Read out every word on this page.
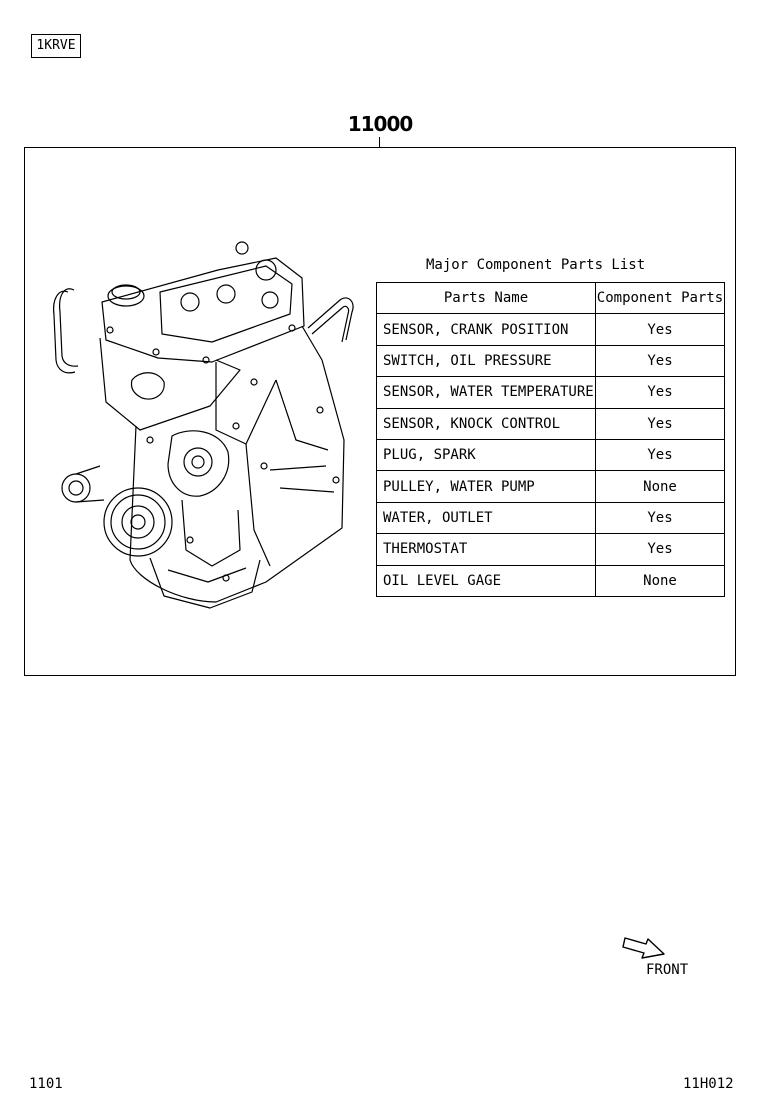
1KRVE
11000
Major Component Parts List
Parts Name	Component Parts
SENSOR, CRANK POSITION	Yes
SWITCH, OIL PRESSURE	Yes
SENSOR, WATER TEMPERATURE	Yes
SENSOR, KNOCK CONTROL	Yes
PLUG, SPARK	Yes
PULLEY, WATER PUMP	None
WATER, OUTLET	Yes
THERMOSTAT	Yes
OIL LEVEL GAGE	None
FRONT
1101	11H012
